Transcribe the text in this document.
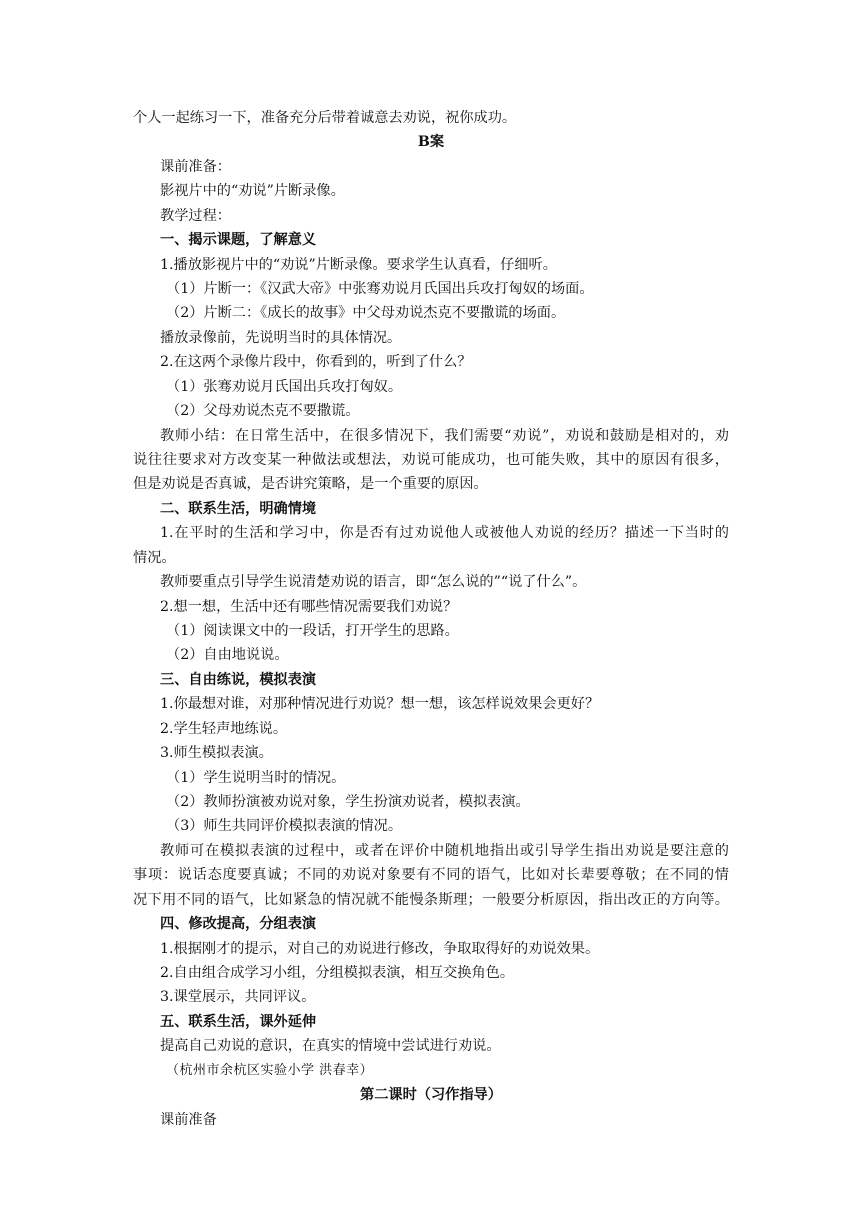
个人一起练习一下，准备充分后带着诚意去劝说，祝你成功。
B案
课前准备：
影视片中的“劝说”片断录像。
教学过程：
一、揭示课题，了解意义
1.播放影视片中的“劝说”片断录像。要求学生认真看，仔细听。
（1）片断一：《汉武大帝》中张骞劝说月氏国出兵攻打匈奴的场面。
（2）片断二：《成长的故事》中父母劝说杰克不要撒谎的场面。
播放录像前，先说明当时的具体情况。
2.在这两个录像片段中，你看到的，听到了什么？
（1）张骞劝说月氏国出兵攻打匈奴。
（2）父母劝说杰克不要撒谎。
教师小结：在日常生活中，在很多情况下，我们需要“劝说”，劝说和鼓励是相对的，劝
说往往要求对方改变某一种做法或想法，劝说可能成功，也可能失败，其中的原因有很多，
但是劝说是否真诚，是否讲究策略，是一个重要的原因。
二、联系生活，明确情境
1.在平时的生活和学习中，你是否有过劝说他人或被他人劝说的经历？描述一下当时的
情况。
教师要重点引导学生说清楚劝说的语言，即“怎么说的”“说了什么”。
2.想一想，生活中还有哪些情况需要我们劝说？
（1）阅读课文中的一段话，打开学生的思路。
（2）自由地说说。
三、自由练说，模拟表演
1.你最想对谁，对那种情况进行劝说？想一想，该怎样说效果会更好？
2.学生轻声地练说。
3.师生模拟表演。
（1）学生说明当时的情况。
（2）教师扮演被劝说对象，学生扮演劝说者，模拟表演。
（3）师生共同评价模拟表演的情况。
教师可在模拟表演的过程中，或者在评价中随机地指出或引导学生指出劝说是要注意的
事项：说话态度要真诚；不同的劝说对象要有不同的语气，比如对长辈要尊敬；在不同的情
况下用不同的语气，比如紧急的情况就不能慢条斯理；一般要分析原因，指出改正的方向等。
四、修改提高，分组表演
1.根据刚才的提示，对自己的劝说进行修改，争取取得好的劝说效果。
2.自由组合成学习小组，分组模拟表演，相互交换角色。
3.课堂展示，共同评议。
五、联系生活，课外延伸
提高自己劝说的意识，在真实的情境中尝试进行劝说。
（杭州市余杭区实验小学 洪春幸）
第二课时（习作指导）
课前准备
